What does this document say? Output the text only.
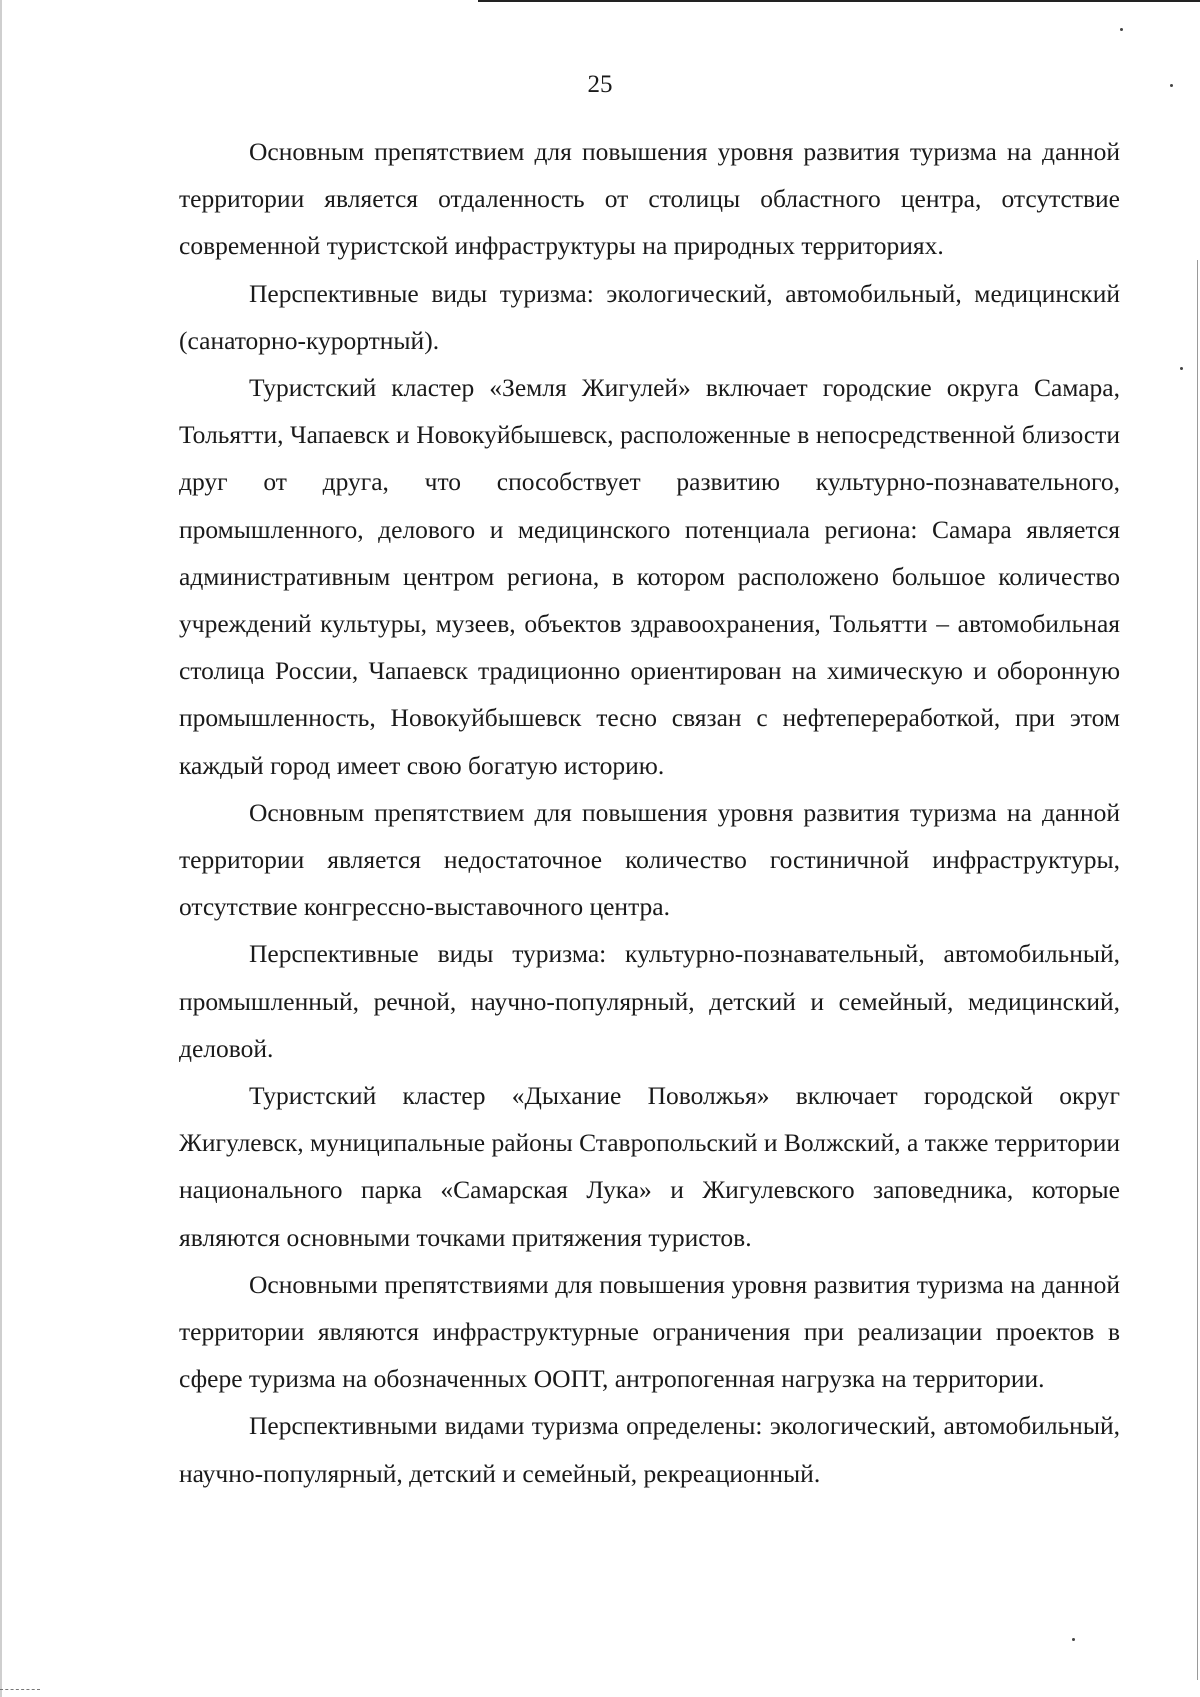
25

Основным препятствием для повышения уровня развития туризма на данной территории является отдаленность от столицы областного центра, отсутствие современной туристской инфраструктуры на природных территориях.

Перспективные виды туризма: экологический, автомобильный, медицинский (санаторно-курортный).

Туристский кластер «Земля Жигулей» включает городские округа Самара, Тольятти, Чапаевск и Новокуйбышевск, расположенные в непосредственной близости друг от друга, что способствует развитию культурно-познавательного, промышленного, делового и медицинского потенциала региона: Самара является административным центром региона, в котором расположено большое количество учреждений культуры, музеев, объектов здравоохранения, Тольятти – автомобильная столица России, Чапаевск традиционно ориентирован на химическую и оборонную промышленность, Новокуйбышевск тесно связан с нефтепереработкой, при этом каждый город имеет свою богатую историю.

Основным препятствием для повышения уровня развития туризма на данной территории является недостаточное количество гостиничной инфраструктуры, отсутствие конгрессно-выставочного центра.

Перспективные виды туризма: культурно-познавательный, автомобильный, промышленный, речной, научно-популярный, детский и семейный, медицинский, деловой.

Туристский кластер «Дыхание Поволжья» включает городской округ Жигулевск, муниципальные районы Ставропольский и Волжский, а также территории национального парка «Самарская Лука» и Жигулевского заповедника, которые являются основными точками притяжения туристов.

Основными препятствиями для повышения уровня развития туризма на данной территории являются инфраструктурные ограничения при реализации проектов в сфере туризма на обозначенных ООПТ, антропогенная нагрузка на территории.

Перспективными видами туризма определены: экологический, автомобильный, научно-популярный, детский и семейный, рекреационный.
